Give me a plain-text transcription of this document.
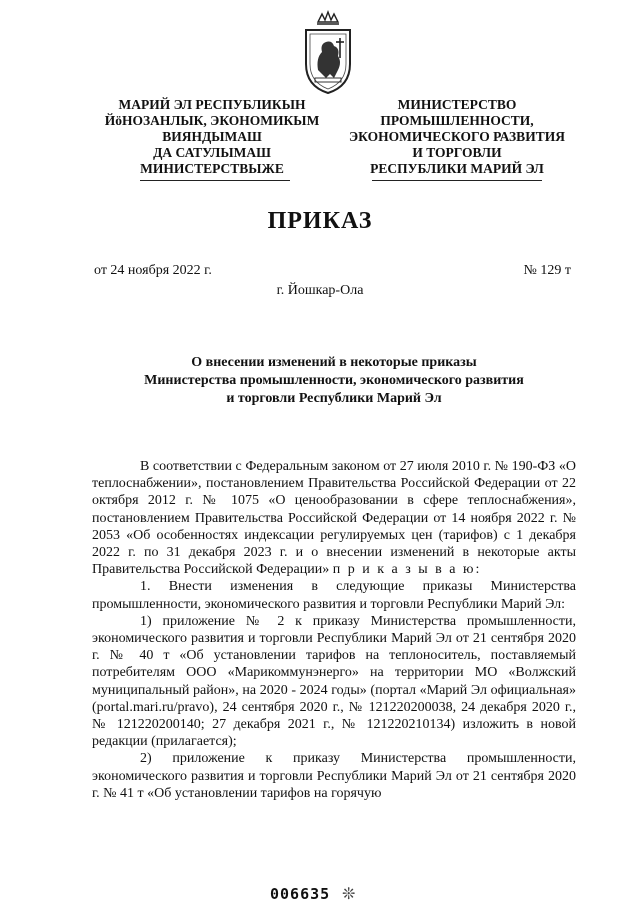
МАРИЙ ЭЛ РЕСПУБЛИКЫН
ЙӧНОЗАНЛЫК, ЭКОНОМИКЫМ
ВИЯНДЫМАШ
ДА САТУЛЫМАШ
МИНИСТЕРСТВЫЖЕ
МИНИСТЕРСТВО
ПРОМЫШЛЕННОСТИ,
ЭКОНОМИЧЕСКОГО РАЗВИТИЯ
И ТОРГОВЛИ
РЕСПУБЛИКИ МАРИЙ ЭЛ
ПРИКАЗ
от 24 ноября 2022 г.	№ 129 т
г. Йошкар-Ола
О внесении изменений в некоторые приказы
Министерства промышленности, экономического развития
и торговли Республики Марий Эл

В соответствии с Федеральным законом от 27 июля 2010 г. № 190-ФЗ «О теплоснабжении», постановлением Правительства Российской Федерации от 22 октября 2012 г. № 1075 «О ценообразовании в сфере теплоснабжения», постановлением Правительства Российской Федерации от 14 ноября 2022 г. № 2053 «Об особенностях индексации регулируемых цен (тарифов) с 1 декабря 2022 г. по 31 декабря 2023 г. и о внесении изменений в некоторые акты Правительства Российской Федерации» п р и к а з ы в а ю:

1. Внести изменения в следующие приказы Министерства промышленности, экономического развития и торговли Республики Марий Эл:

1) приложение № 2 к приказу Министерства промышленности, экономического развития и торговли Республики Марий Эл от 21 сентября 2020 г. № 40 т «Об установлении тарифов на теплоноситель, поставляемый потребителям ООО «Марикоммунэнерго» на территории МО «Волжский муниципальный район», на 2020 - 2024 годы» (портал «Марий Эл официальная» (portal.mari.ru/pravo), 24 сентября 2020 г., № 121220200038, 24 декабря 2020 г., № 121220200140; 27 декабря 2021 г., № 121220210134) изложить в новой редакции (прилагается);

2) приложение к приказу Министерства промышленности, экономического развития и торговли Республики Марий Эл от 21 сентября 2020 г. № 41 т «Об установлении тарифов на горячую

006635 ❊
